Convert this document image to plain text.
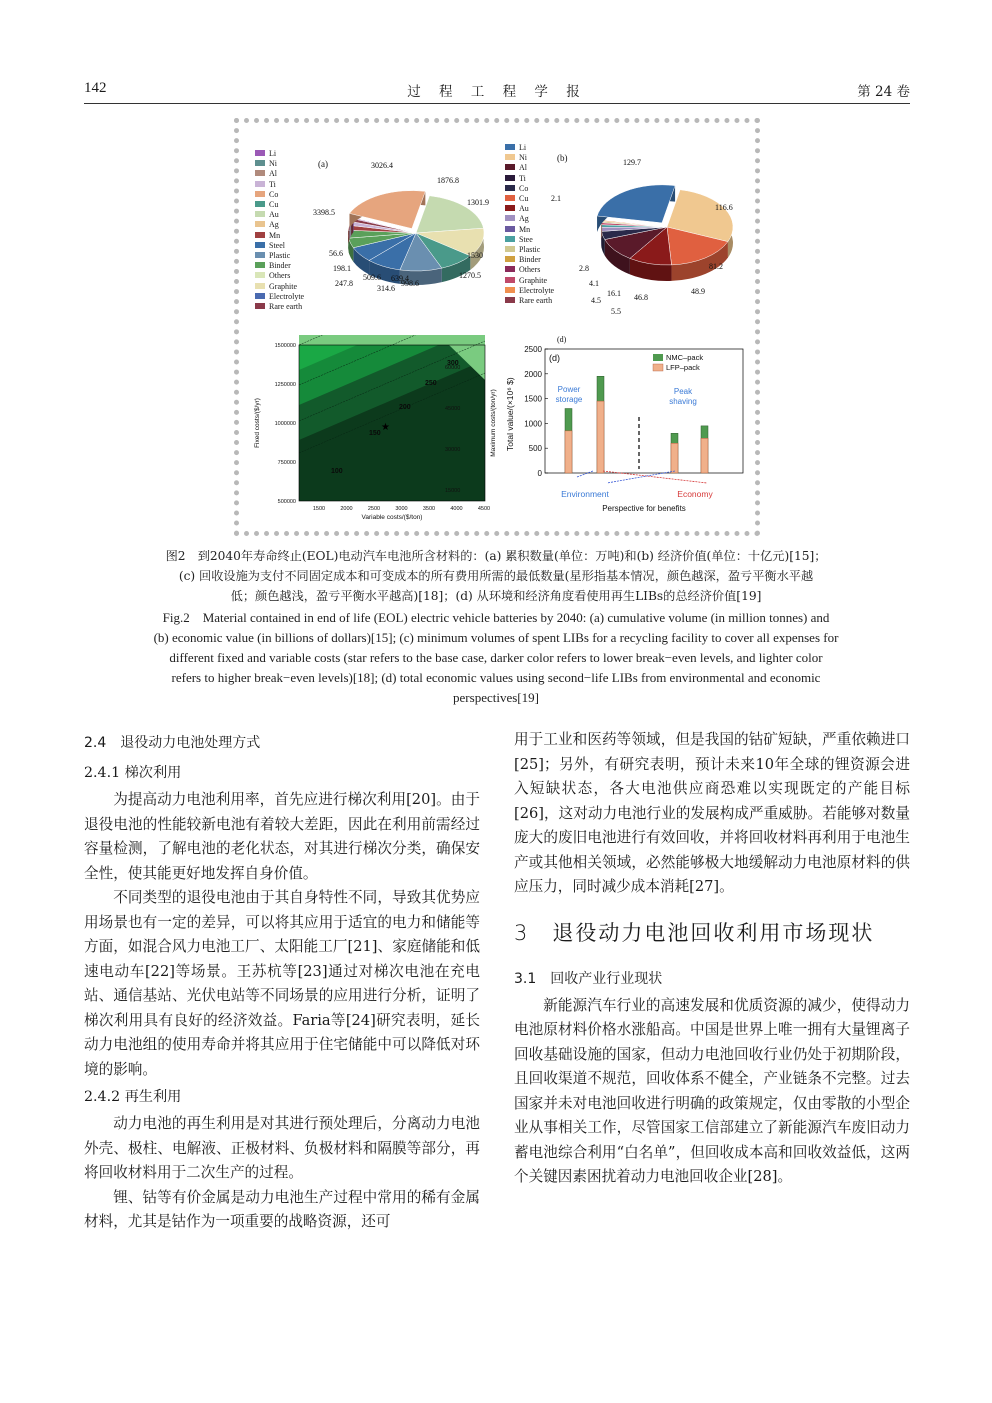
142	过 程 工 程 学 报	第 24 卷
Li
Ni
Al
Ti
Co
Cu
Au
Ag
Mn
Steel
Plastic
Binder
Others
Graphite
Electrolyte
Rare earth
(a)	3026.4
1876.8
1301.9
1530
1270.5
998.6
639.4
509.6
314.6
247.8
198.1
56.6
3398.5
Li
Ni
Al
Ti
Co
Cu
Au
Ag
Mn
Stee
Plastic
Binder
Others
Graphite
Electrolyte
Rare earth
(b)	129.7
116.6
81.2
48.9
46.8
16.1
5.5
4.5
4.1
2.8
2.1
300
250
200
150
100
★
1500000
1250000
1000000
750000
500000
1500	2000	2500	3000	3500	4000	4500
60000
45000
30000
15000
Variable costs/($/ton)
Fixed costs/($/yr)	Maximum costs/(ton/yr)
(d)
2500
2000
1500
1000
500
0
Total value/(×10⁶ $)
(d)	NMC–pack
LFP–pack
Power
storage
Peak
shaving
Environment	Economy
Perspective for benefits
图2　到2040年寿命终止(EOL)电动汽车电池所含材料的：(a) 累积数量(单位：万吨)和(b) 经济价值(单位：十亿元)[15]；
(c) 回收设施为支付不同固定成本和可变成本的所有费用所需的最低数量(星形指基本情况，颜色越深，盈亏平衡水平越
低；颜色越浅，盈亏平衡水平越高)[18]；(d) 从环境和经济角度看使用再生LIBs的总经济价值[19]
Fig.2　Material contained in end of life (EOL) electric vehicle batteries by 2040: (a) cumulative volume (in million tonnes) and
(b) economic value (in billions of dollars)[15]; (c) minimum volumes of spent LIBs for a recycling facility to cover all expenses for
different fixed and variable costs (star refers to the base case, darker color refers to lower break−even levels, and lighter color
refers to higher break−even levels)[18]; (d) total economic values using second−life LIBs from environmental and economic
perspectives[19]
2.4　退役动力电池处理方式
2.4.1 梯次利用

为提高动力电池利用率，首先应进行梯次利用[20]。由于退役电池的性能较新电池有着较大差距，因此在利用前需经过容量检测，了解电池的老化状态，对其进行梯次分类，确保安全性，使其能更好地发挥自身价值。

不同类型的退役电池由于其自身特性不同，导致其优势应用场景也有一定的差异，可以将其应用于适宜的电力和储能等方面，如混合风力电池工厂、太阳能工厂[21]、家庭储能和低速电动车[22]等场景。王苏杭等[23]通过对梯次电池在充电站、通信基站、光伏电站等不同场景的应用进行分析，证明了梯次利用具有良好的经济效益。Faria等[24]研究表明，延长动力电池组的使用寿命并将其应用于住宅储能中可以降低对环境的影响。

2.4.2 再生利用

动力电池的再生利用是对其进行预处理后，分离动力电池外壳、极柱、电解液、正极材料、负极材料和隔膜等部分，再将回收材料用于二次生产的过程。

锂、钴等有价金属是动力电池生产过程中常用的稀有金属材料，尤其是钴作为一项重要的战略资源，还可

用于工业和医药等领域，但是我国的钴矿短缺，严重依赖进口[25]；另外，有研究表明，预计未来10年全球的锂资源会进入短缺状态，各大电池供应商恐难以实现既定的产能目标[26]，这对动力电池行业的发展构成严重威胁。若能够对数量庞大的废旧电池进行有效回收，并将回收材料再利用于电池生产或其他相关领域，必然能够极大地缓解动力电池原材料的供应压力，同时减少成本消耗[27]。

3　退役动力电池回收利用市场现状
3.1　回收产业行业现状

新能源汽车行业的高速发展和优质资源的减少，使得动力电池原材料价格水涨船高。中国是世界上唯一拥有大量锂离子回收基础设施的国家，但动力电池回收行业仍处于初期阶段，且回收渠道不规范，回收体系不健全，产业链条不完整。过去国家并未对电池回收进行明确的政策规定，仅由零散的小型企业从事相关工作，尽管国家工信部建立了新能源汽车废旧动力蓄电池综合利用“白名单”，但回收成本高和回收效益低，这两个关键因素困扰着动力电池回收企业[28]。
